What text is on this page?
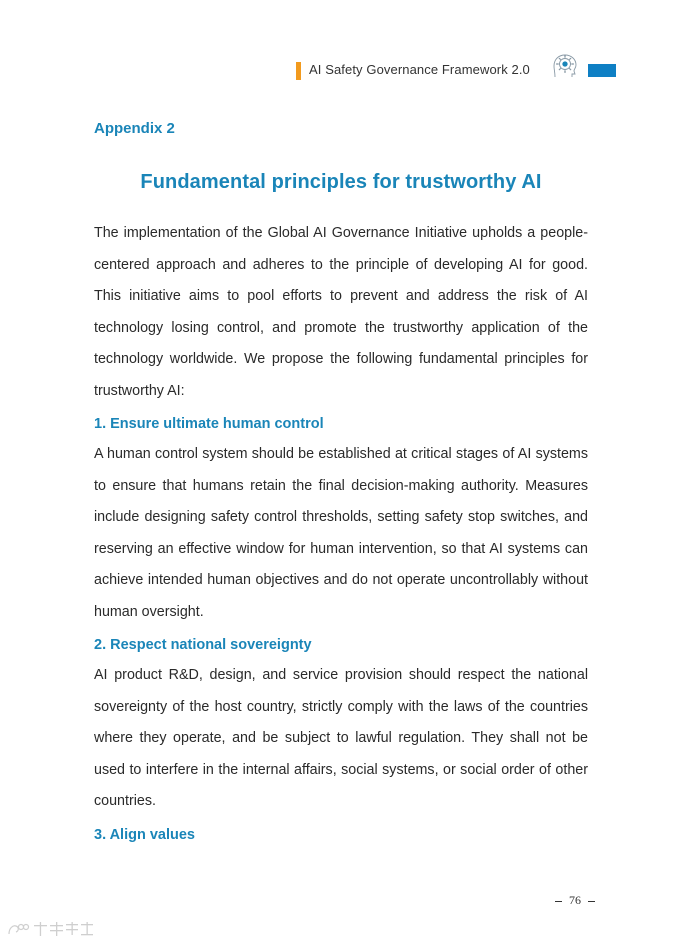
AI Safety Governance Framework 2.0
Appendix 2
Fundamental principles for trustworthy AI

The implementation of the Global AI Governance Initiative upholds a people-centered approach and adheres to the principle of developing AI for good. This initiative aims to pool efforts to prevent and address the risk of AI technology losing control, and promote the trustworthy application of the technology worldwide. We propose the following fundamental principles for trustworthy AI:

1. Ensure ultimate human control

A human control system should be established at critical stages of AI systems to ensure that humans retain the final decision-making authority. Measures include designing safety control thresholds, setting safety stop switches, and reserving an effective window for human intervention, so that AI systems can achieve intended human objectives and do not operate uncontrollably without human oversight.

2. Respect national sovereignty

AI product R&D, design, and service provision should respect the national sovereignty of the host country, strictly comply with the laws of the countries where they operate, and be subject to lawful regulation. They shall not be used to interfere in the internal affairs, social systems, or social order of other countries.

3. Align values
76
